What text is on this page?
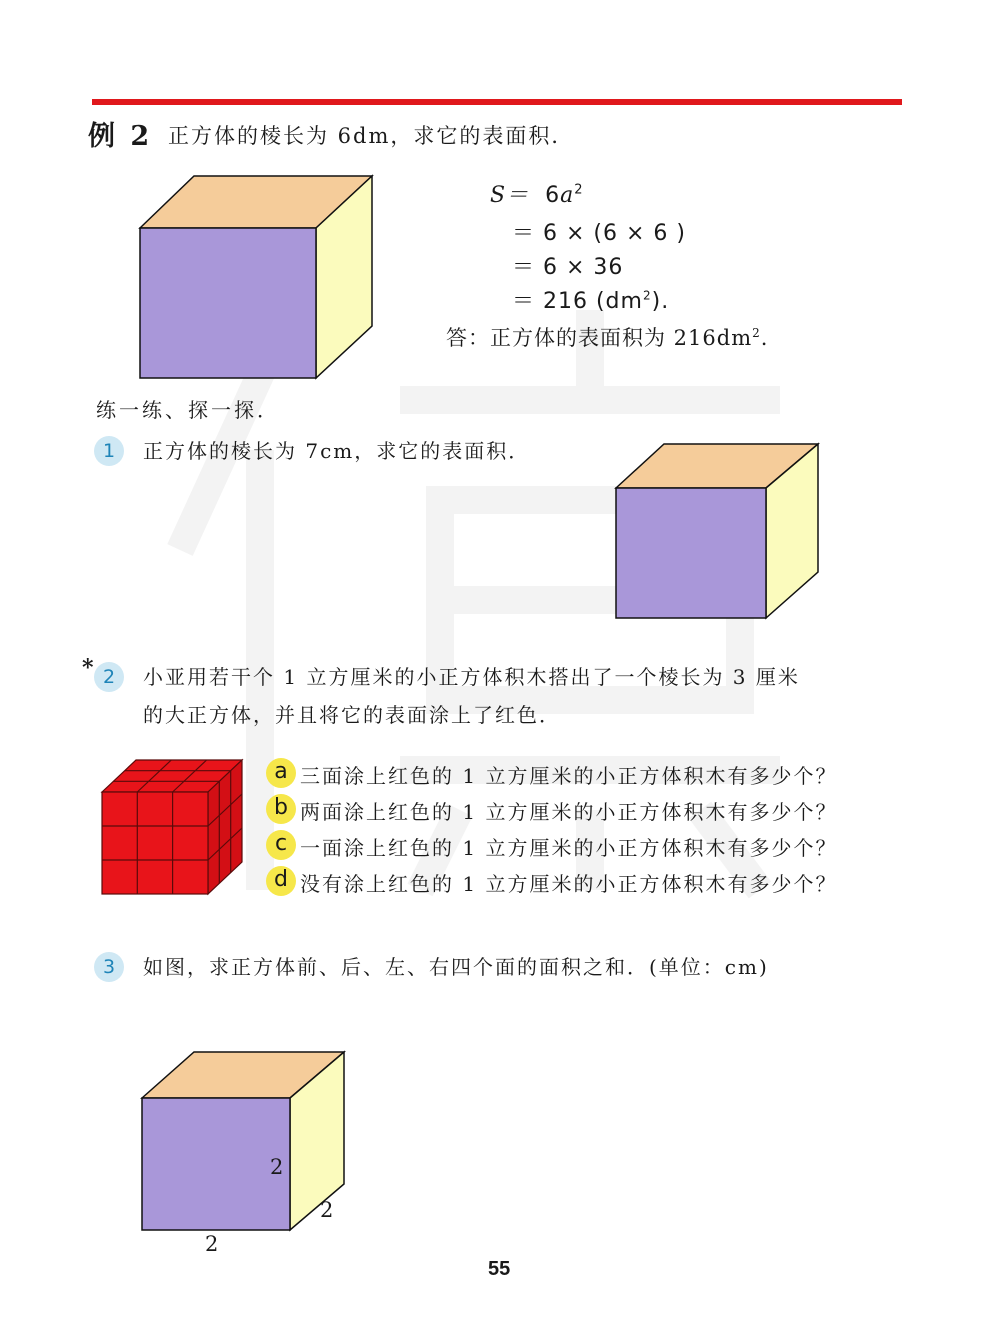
例 2 正方体的棱长为 6dm，求它的表面积．
$S= 6a^2$
＝ 6 × (6 × 6 )
＝ 6 × 36
＝ 216 $(dm^2)$.
答：正方体的表面积为 $216dm^2$.
练一练、探一探．
1	正方体的棱长为 7cm，求它的表面积．
* 2	小亚用若干个 1 立方厘米的小正方体积木搭出了一个棱长为 3 厘米
的大正方体，并且将它的表面涂上了红色．
a 三面涂上红色的 1 立方厘米的小正方体积木有多少个？
b 两面涂上红色的 1 立方厘米的小正方体积木有多少个？
c 一面涂上红色的 1 立方厘米的小正方体积木有多少个？
d 没有涂上红色的 1 立方厘米的小正方体积木有多少个？
3	如图，求正方体前、后、左、右四个面的面积之和．(单位：cm)
2
2
2
55
